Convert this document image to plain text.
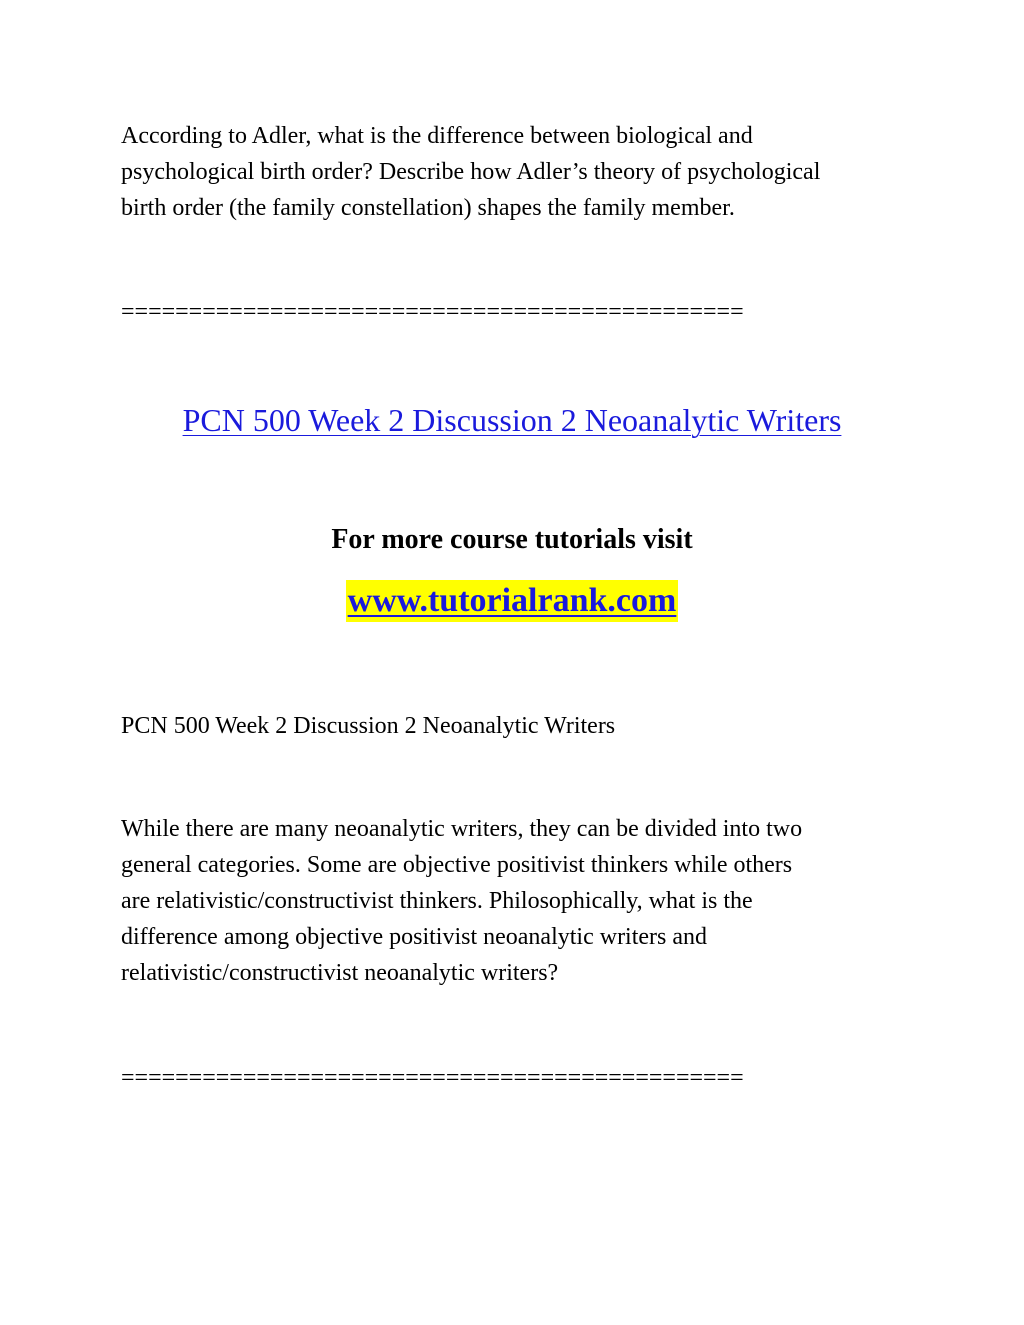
According to Adler, what is the difference between biological and
psychological birth order? Describe how Adler’s theory of psychological
birth order (the family constellation) shapes the family member.
==============================================
PCN 500 Week 2 Discussion 2 Neoanalytic Writers
For more course tutorials visit
www.tutorialrank.com
PCN 500 Week 2 Discussion 2 Neoanalytic Writers
While there are many neoanalytic writers, they can be divided into two
general categories. Some are objective positivist thinkers while others
are relativistic/constructivist thinkers. Philosophically, what is the
difference among objective positivist neoanalytic writers and
relativistic/constructivist neoanalytic writers?
==============================================
